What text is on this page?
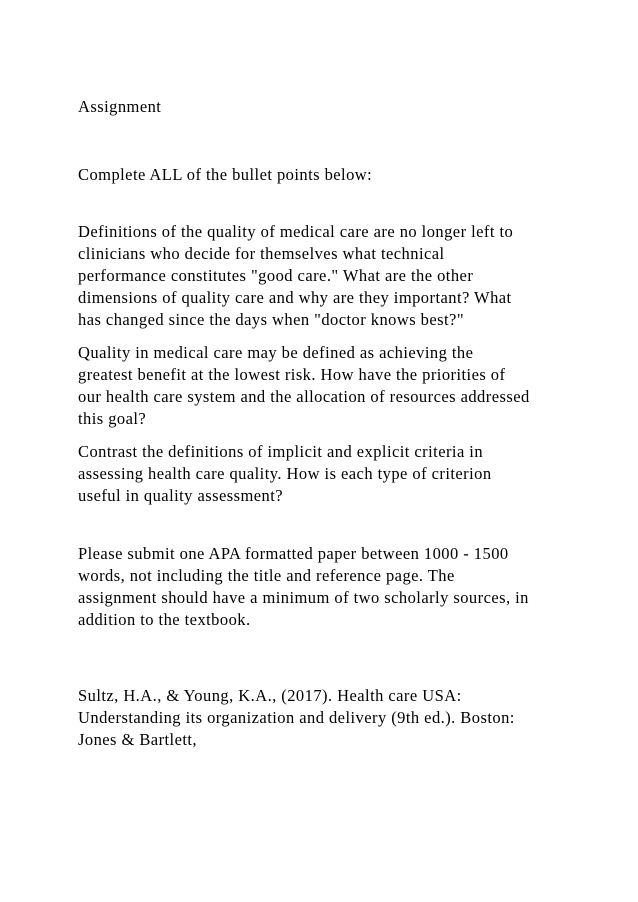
Assignment

Complete ALL of the bullet points below:

Definitions of the quality of medical care are no longer left to

clinicians who decide for themselves what technical

performance constitutes "good care." What are the other

dimensions of quality care and why are they important? What

has changed since the days when "doctor knows best?"

Quality in medical care may be defined as achieving the

greatest benefit at the lowest risk. How have the priorities of

our health care system and the allocation of resources addressed

this goal?

Contrast the definitions of implicit and explicit criteria in

assessing health care quality. How is each type of criterion

useful in quality assessment?

Please submit one APA formatted paper between 1000 - 1500

words, not including the title and reference page. The

assignment should have a minimum of two scholarly sources, in

addition to the textbook.

Sultz, H.A., & Young, K.A., (2017). Health care USA:

Understanding its organization and delivery (9th ed.). Boston:

Jones & Bartlett,
